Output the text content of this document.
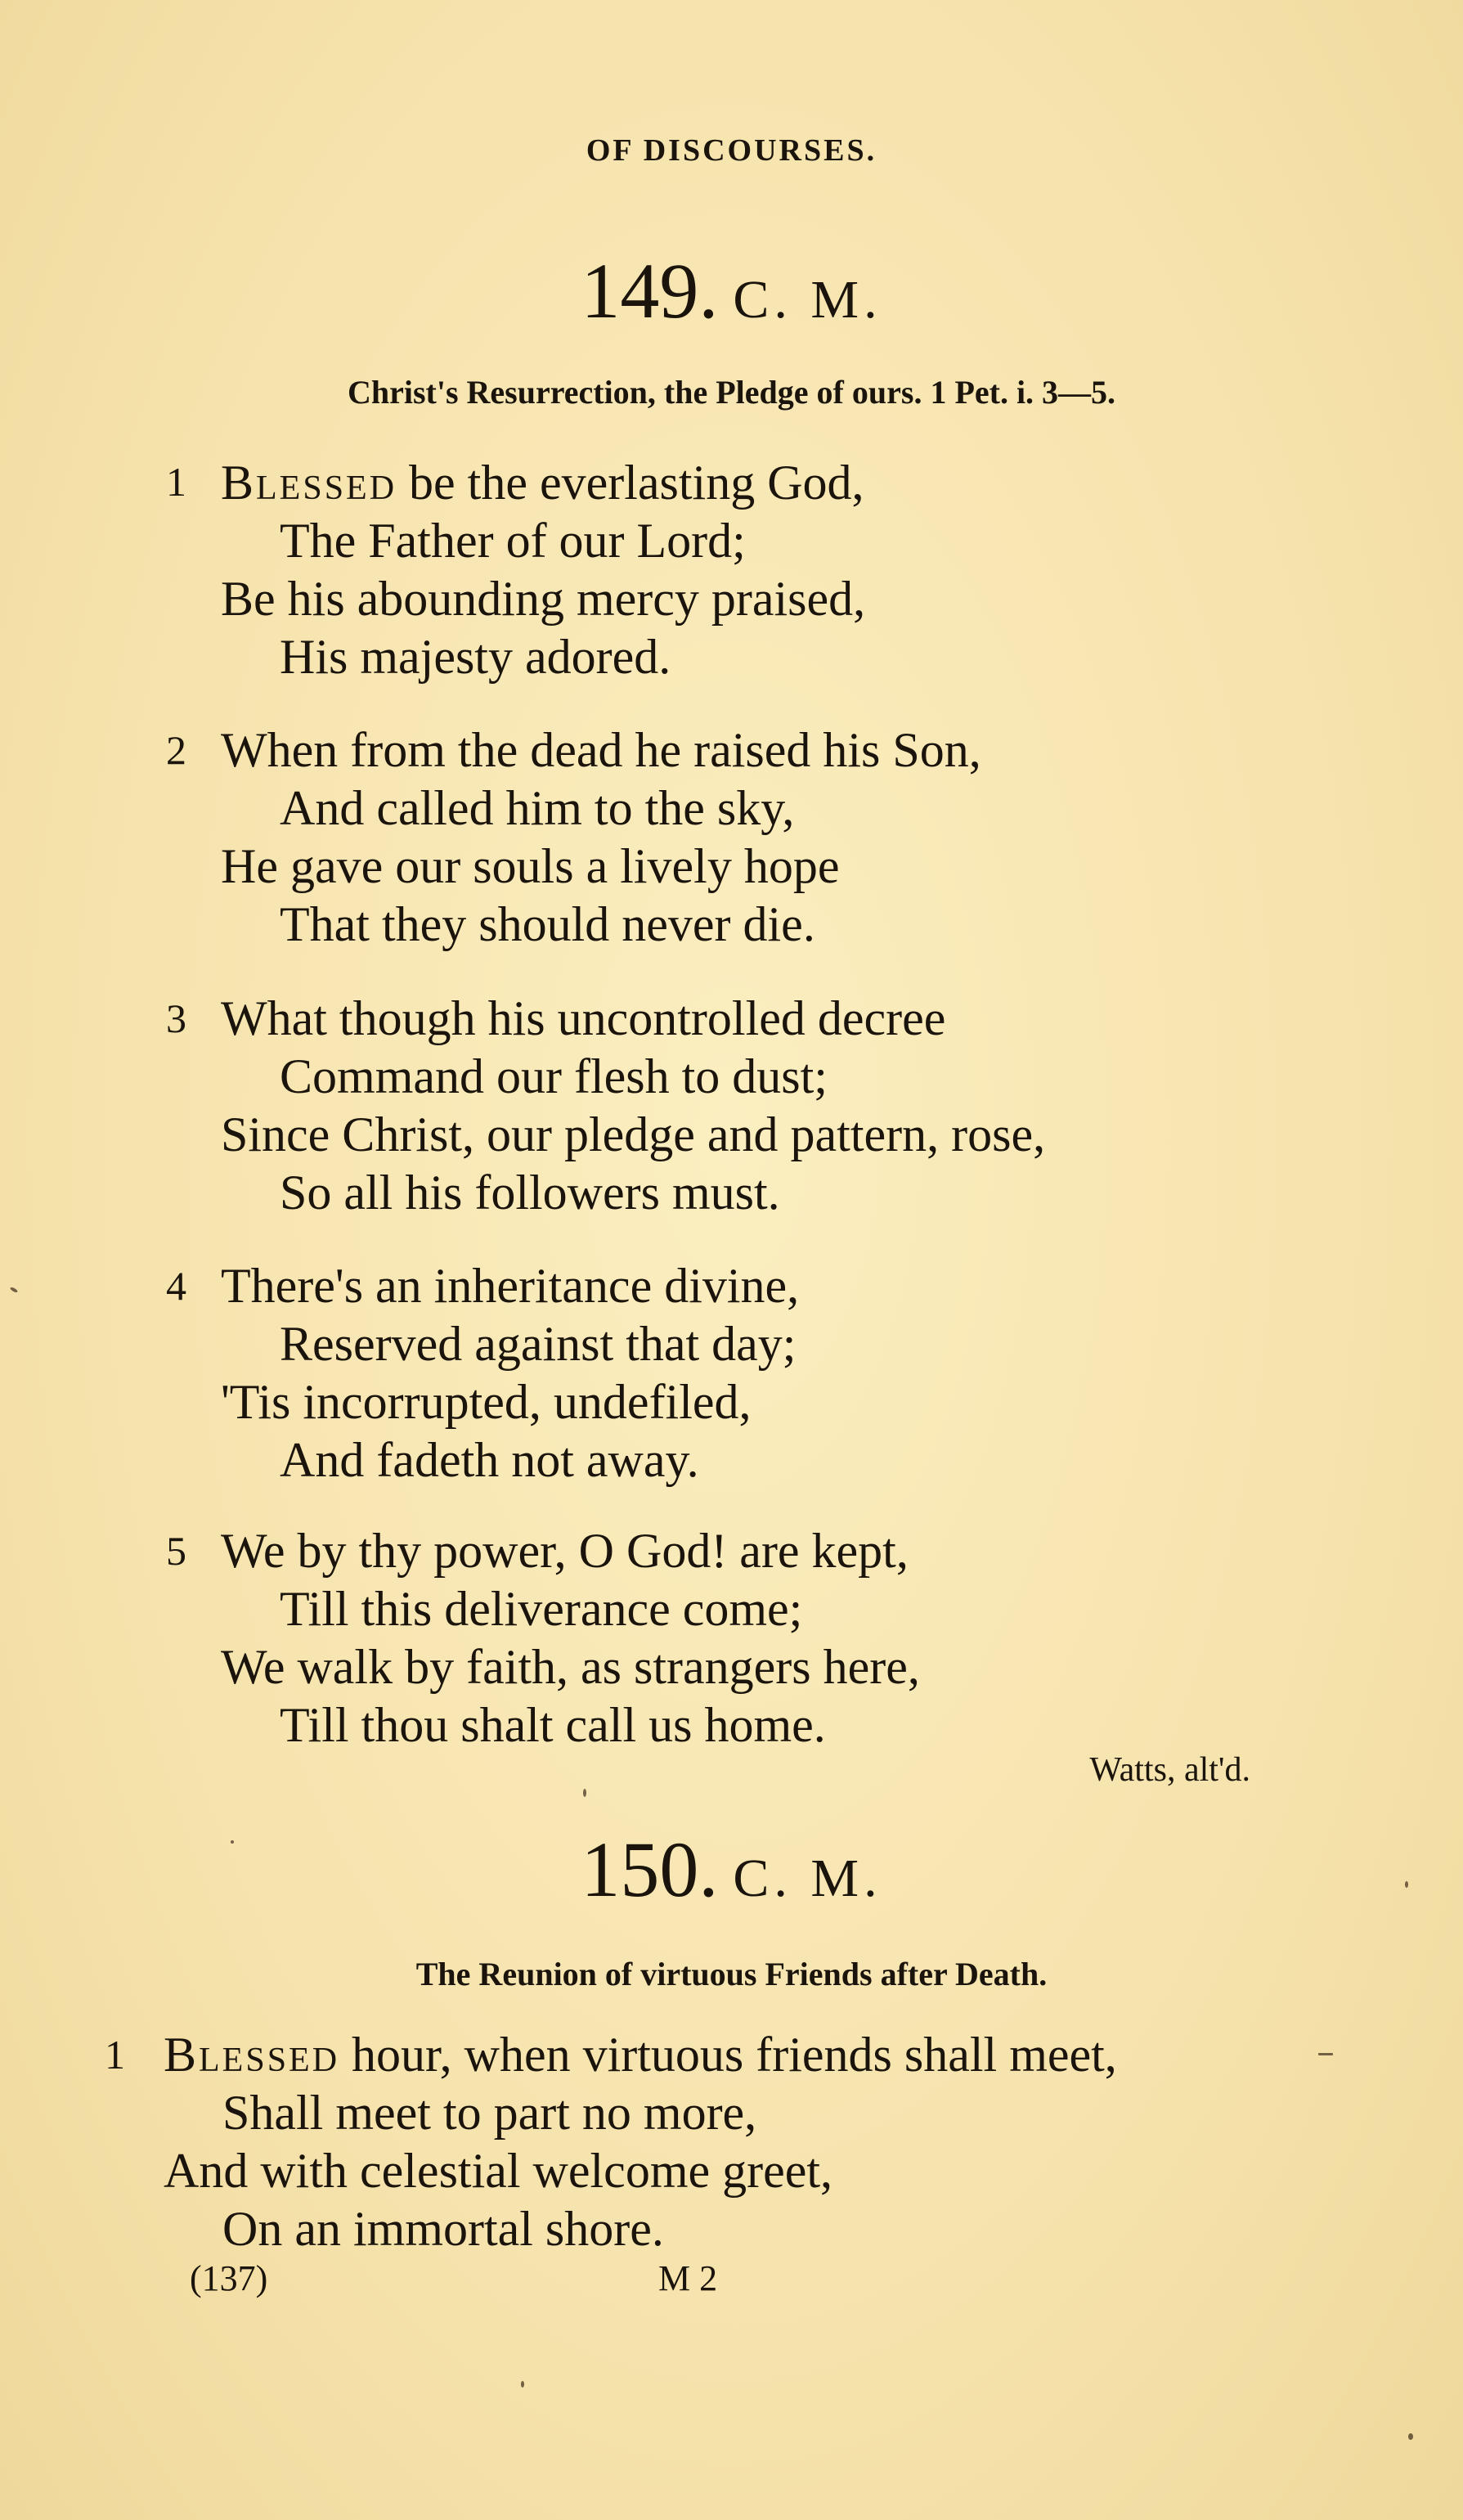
OF DISCOURSES.
149. C. M.
Christ's Resurrection, the Pledge of ours. 1 Pet. i. 3—5.
1 Blessed be the everlasting God,
The Father of our Lord;
Be his abounding mercy praised,
His majesty adored.
2 When from the dead he raised his Son,
And called him to the sky,
He gave our souls a lively hope
That they should never die.
3 What though his uncontrolled decree
Command our flesh to dust;
Since Christ, our pledge and pattern, rose,
So all his followers must.
4 There's an inheritance divine,
Reserved against that day;
'Tis incorrupted, undefiled,
And fadeth not away.
5 We by thy power, O God! are kept,
Till this deliverance come;
We walk by faith, as strangers here,
Till thou shalt call us home.
Watts, alt'd.
150. C. M.
The Reunion of virtuous Friends after Death.
1 Blessed hour, when virtuous friends shall meet,
Shall meet to part no more,
And with celestial welcome greet,
On an immortal shore.
(137)	M 2
